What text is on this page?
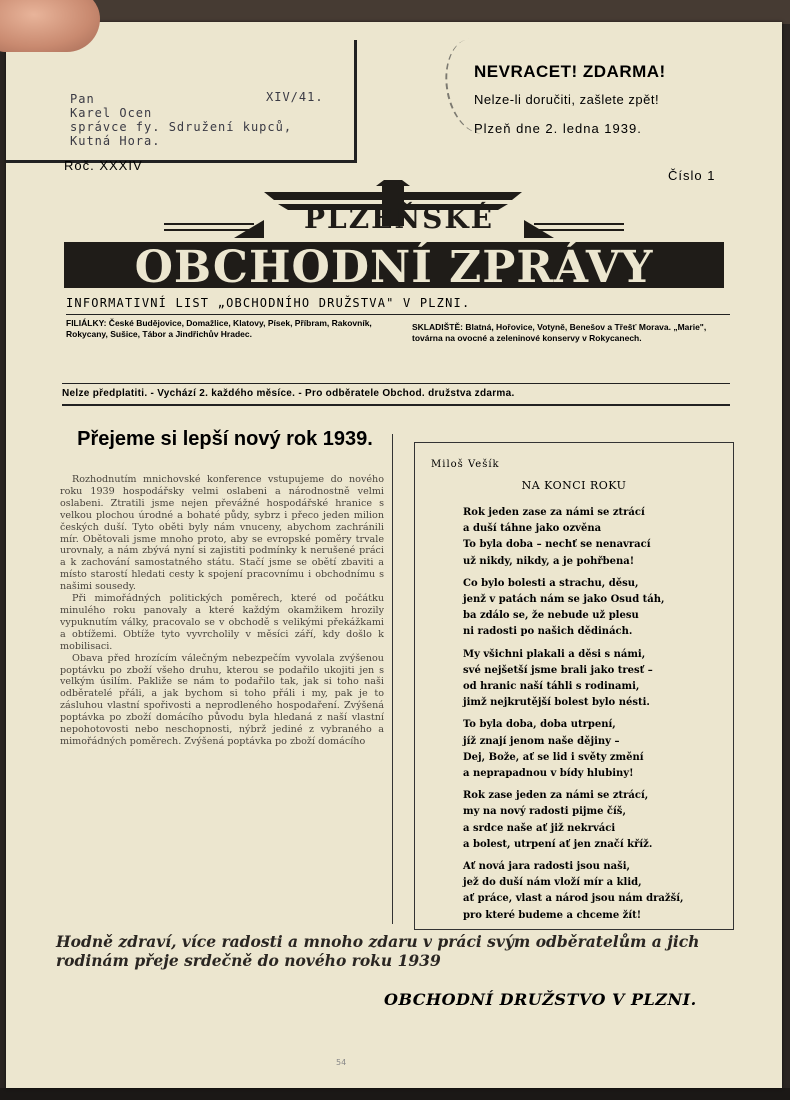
Pan	XIV/41.
Karel Ocen
správce fy. Sdružení kupců,
Kutná Hora.
NEVRACET! ZDARMA!
Nelze-li doručiti, zašlete zpět!
Plzeň dne 2. ledna 1939.
Roč. XXXIV
Číslo 1
PLZEŇSKÉ
OBCHODNÍ ZPRÁVY
INFORMATIVNÍ LIST „OBCHODNÍHO DRUŽSTVA" V PLZNI.
FILIÁLKY: České Budějovice, Domažlice, Klatovy, Písek, Příbram, Rakovník, Rokycany, Sušice, Tábor a Jindřichův Hradec.
SKLADIŠTĚ: Blatná, Hořovice, Votyně, Benešov a Třešť Morava. „Marie", továrna na ovocné a zeleninové konservy v Rokycanech.
Nelze předplatiti. - Vychází 2. každého měsíce. - Pro odběratele Obchod. družstva zdarma.
Přejeme si lepší nový rok 1939.

Rozhodnutím mnichovské konference vstupujeme do nového roku 1939 hospodářsky velmi oslabeni a národnostně velmi oslabeni. Ztratili jsme nejen převážné hospodářské hranice s velkou plochou úrodné a bohaté půdy, sybrz i přeco jeden milion českých duší. Tyto oběti byly nám vnuceny, abychom zachránili mír. Obětovali jsme mnoho proto, aby se evropské poměry trvale urovnaly, a nám zbývá nyní si zajistiti podmínky k nerušené práci a k zachování samostatného státu. Stačí jsme se obětí zbaviti a místo starostí hledati cesty k spojení pracovnímu i obchodnímu s našimi sousedy.

Při mimořádných politických poměrech, které od počátku minulého roku panovaly a které každým okamžikem hrozily vypuknutím války, pracovalo se v obchodě s velikými překážkami a obtížemi. Obtíže tyto vyvrcholily v měsíci září, kdy došlo k mobilisaci.

Obava před hrozícím válečným nebezpečím vyvolala zvýšenou poptávku po zboží všeho druhu, kterou se podařilo ukojiti jen s velkým úsilím. Pakliže se nám to podařilo tak, jak si toho naši odběratelé přáli, a jak bychom si toho přáli i my, pak je to zásluhou vlastní spořivosti a neprodleného hospodaření. Zvýšená poptávka po zboží domácího původu byla hledaná z naší vlastní nepohotovosti nebo neschopnosti, nýbrž jediné z vybraného a mimořádných poměrech. Zvýšená poptávka po zboží domácího

Miloš Vešík
NA KONCI ROKU
Rok jeden zase za námi se ztrácí
a duší táhne jako ozvěna
To byla doba – nechť se nenavrací
už nikdy, nikdy, a je pohřbena!
Co bylo bolesti a strachu, děsu,
jenž v patách nám se jako Osud táh,
ba zdálo se, že nebude už plesu
ni radosti po našich dědinách.
My všichni plakali a děsi s námi,
své nejšetší jsme brali jako tresť –
od hranic naší táhli s rodinami,
jimž nejkrutější bolest bylo nésti.
To byla doba, doba utrpení,
jíž znají jenom naše dějiny –
Dej, Bože, ať se lid i světy změní
a neprapadnou v bídy hlubiny!
Rok zase jeden za námi se ztrácí,
my na nový radosti pijme číš,
a srdce naše ať již nekrváci
a bolest, utrpení ať jen značí kříž.
Ať nová jara radosti jsou naši,
jež do duší nám vloží mír a klid,
ať práce, vlast a národ jsou nám dražší,
pro které budeme a chceme žít!
Hodně zdraví, více radosti a mnoho zdaru v práci svým odběratelům a jich rodinám přeje srdečně do nového roku 1939
OBCHODNÍ DRUŽSTVO V PLZNI.
54
